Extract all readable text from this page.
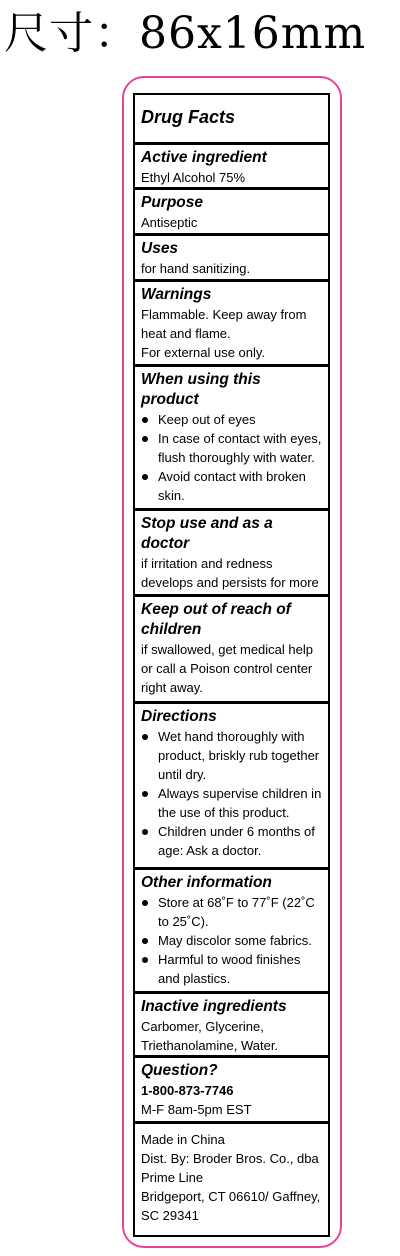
尺寸：86x16mm
Drug Facts
Active ingredient
Ethyl Alcohol 75%
Purpose
Antiseptic
Uses
for hand sanitizing.
Warnings
Flammable. Keep away from heat and flame.
For external use only.
When using this product
Keep out of eyes
In case of contact with eyes, flush thoroughly with water.
Avoid contact with broken skin.
Stop use and as a doctor
if irritation and redness develops and persists for more
Keep out of reach of children
if swallowed, get medical help or call a Poison control center right away.
Directions
Wet hand thoroughly with product, briskly rub together until dry.
Always supervise children in the use of this product.
Children under 6 months of age: Ask a doctor.
Other information
Store at 68˚F to 77˚F (22˚C to 25˚C).
May discolor some fabrics.
Harmful to wood finishes and plastics.
Inactive ingredients
Carbomer, Glycerine, Triethanolamine, Water.
Question?
1-800-873-7746
M-F 8am-5pm EST
Made in China
Dist. By: Broder Bros. Co., dba Prime Line
Bridgeport, CT 06610/ Gaffney, SC 29341
